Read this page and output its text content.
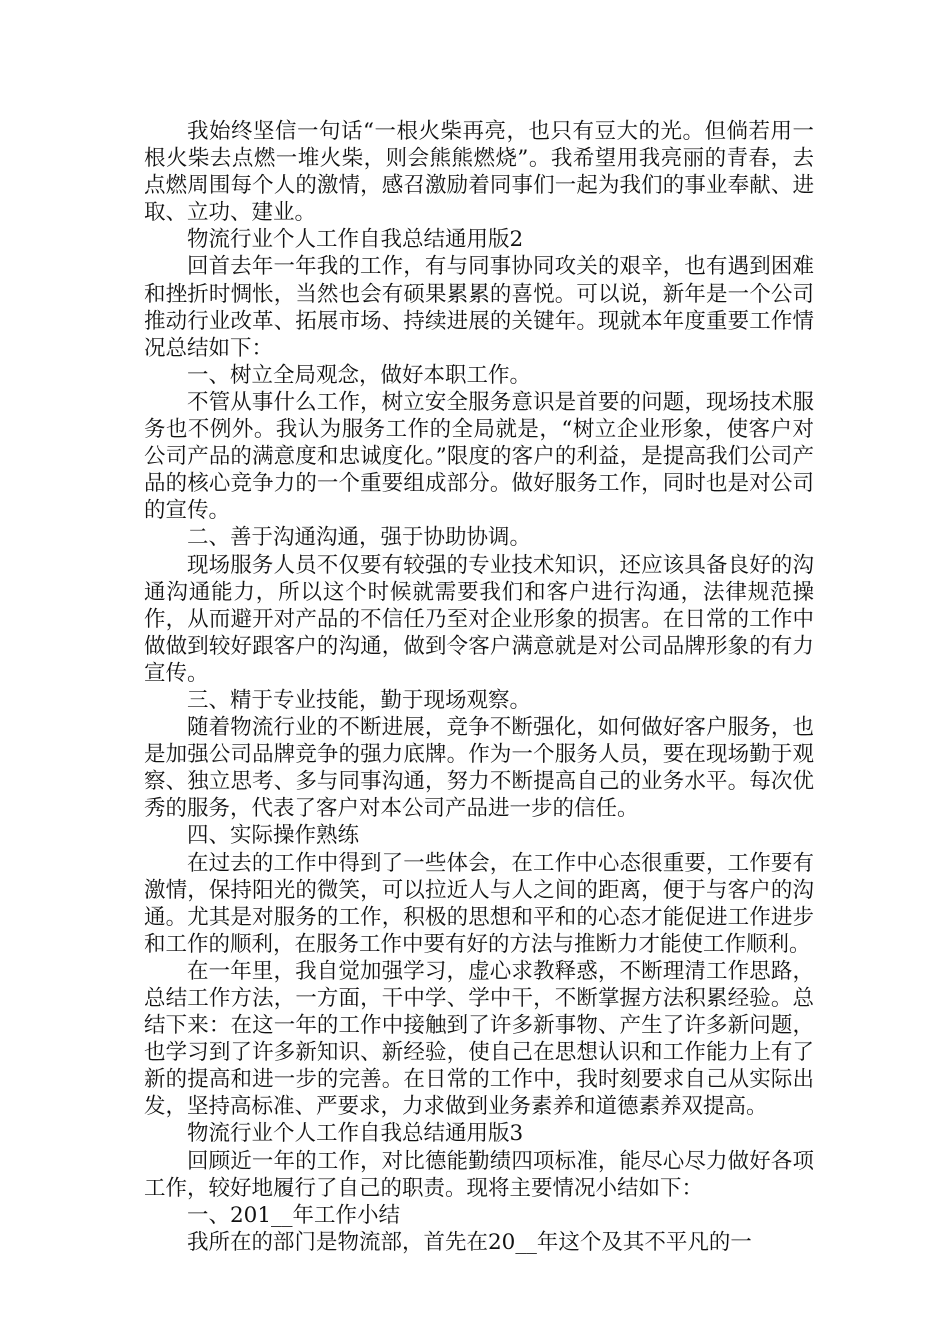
我始终坚信一句话“一根火柴再亮，也只有豆大的光。但倘若用一根火柴去点燃一堆火柴，则会熊熊燃烧”。我希望用我亮丽的青春，去点燃周围每个人的激情，感召激励着同事们一起为我们的事业奉献、进取、立功、建业。

物流行业个人工作自我总结通用版2

回首去年一年我的工作，有与同事协同攻关的艰辛，也有遇到困难和挫折时惆怅，当然也会有硕果累累的喜悦。可以说，新年是一个公司推动行业改革、拓展市场、持续进展的关键年。现就本年度重要工作情况总结如下：

一、树立全局观念，做好本职工作。

不管从事什么工作，树立安全服务意识是首要的问题，现场技术服务也不例外。我认为服务工作的全局就是，“树立企业形象，使客户对公司产品的满意度和忠诚度化。”限度的客户的利益，是提高我们公司产品的核心竞争力的一个重要组成部分。做好服务工作，同时也是对公司的宣传。

二、善于沟通沟通，强于协助协调。

现场服务人员不仅要有较强的专业技术知识，还应该具备良好的沟通沟通能力，所以这个时候就需要我们和客户进行沟通，法律规范操作，从而避开对产品的不信任乃至对企业形象的损害。在日常的工作中做做到较好跟客户的沟通，做到令客户满意就是对公司品牌形象的有力宣传。

三、精于专业技能，勤于现场观察。

随着物流行业的不断进展，竞争不断强化，如何做好客户服务，也是加强公司品牌竞争的强力底牌。作为一个服务人员，要在现场勤于观察、独立思考、多与同事沟通，努力不断提高自己的业务水平。每次优秀的服务，代表了客户对本公司产品进一步的信任。

四、实际操作熟练

在过去的工作中得到了一些体会，在工作中心态很重要，工作要有激情，保持阳光的微笑，可以拉近人与人之间的距离，便于与客户的沟通。尤其是对服务的工作，积极的思想和平和的心态才能促进工作进步和工作的顺利，在服务工作中要有好的方法与推断力才能使工作顺利。

在一年里，我自觉加强学习，虚心求教释惑，不断理清工作思路，总结工作方法，一方面，干中学、学中干，不断掌握方法积累经验。总结下来：在这一年的工作中接触到了许多新事物、产生了许多新问题，也学习到了许多新知识、新经验，使自己在思想认识和工作能力上有了新的提高和进一步的完善。在日常的工作中，我时刻要求自己从实际出发，坚持高标准、严要求，力求做到业务素养和道德素养双提高。

物流行业个人工作自我总结通用版3

回顾近一年的工作，对比德能勤绩四项标准，能尽心尽力做好各项工作，较好地履行了自己的职责。现将主要情况小结如下：

一、201__年工作小结

我所在的部门是物流部，首先在20__年这个及其不平凡的一
